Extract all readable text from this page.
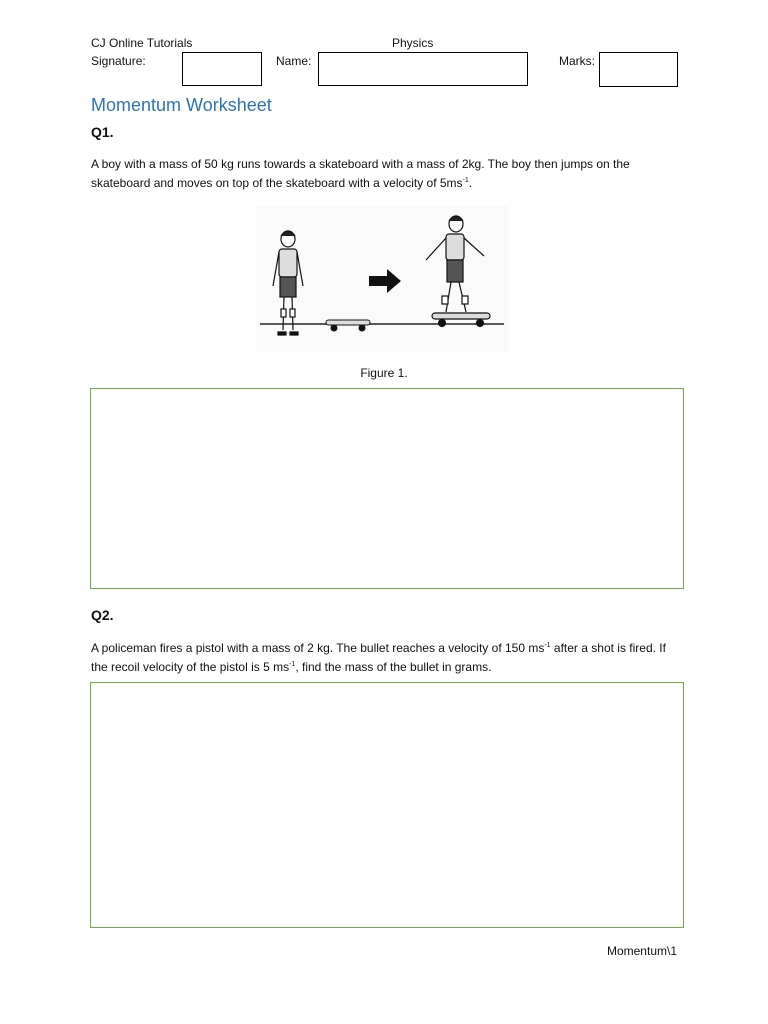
CJ Online Tutorials	Physics
Signature:	Name:	Marks:
Momentum Worksheet
Q1.
A boy with a mass of 50 kg runs towards a skateboard with a mass of 2kg. The boy then jumps on the skateboard and moves on top of the skateboard with a velocity of $5ms^{-1}$.
Figure 1.
Q2.
A policeman fires a pistol with a mass of 2 kg. The bullet reaches a velocity of 150 $ms^{-1}$ after a shot is fired. If the recoil velocity of the pistol is 5 $ms^{-1}$, find the mass of the bullet in grams.
Momentum\1
